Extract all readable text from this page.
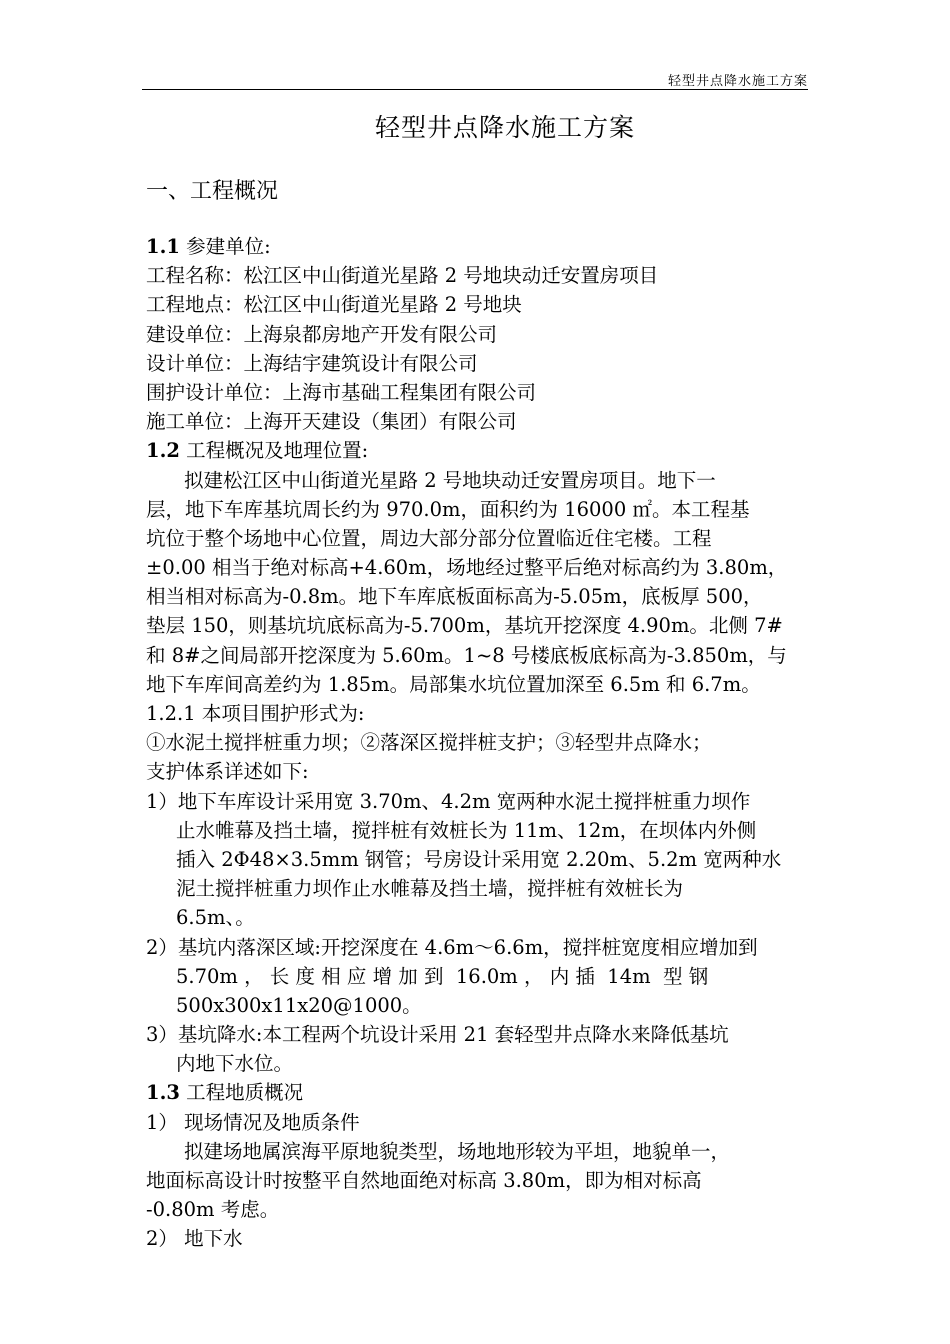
轻型井点降水施工方案
轻型井点降水施工方案
一、工程概况
1.1 参建单位:
工程名称：松江区中山街道光星路 2 号地块动迁安置房项目
工程地点：松江区中山街道光星路 2 号地块
建设单位：上海泉都房地产开发有限公司
设计单位：上海结宇建筑设计有限公司
围护设计单位：上海市基础工程集团有限公司
施工单位：上海开天建设（集团）有限公司
1.2 工程概况及地理位置:
拟建松江区中山街道光星路 2 号地块动迁安置房项目。地下一
层，地下车库基坑周长约为 970.0m，面积约为 16000 ㎡。本工程基
坑位于整个场地中心位置，周边大部分部分位置临近住宅楼。工程
±0.00 相当于绝对标高+4.60m，场地经过整平后绝对标高约为 3.80m，
相当相对标高为-0.8m。地下车库底板面标高为-5.05m，底板厚 500，
垫层 150，则基坑坑底标高为-5.700m，基坑开挖深度 4.90m。北侧 7#
和 8#之间局部开挖深度为 5.60m。1~8 号楼底板底标高为-3.850m，与
地下车库间高差约为 1.85m。局部集水坑位置加深至 6.5m 和 6.7m。
1.2.1 本项目围护形式为:
①水泥土搅拌桩重力坝；②落深区搅拌桩支护；③轻型井点降水；
支护体系详述如下:
1）地下车库设计采用宽 3.70m、4.2m 宽两种水泥土搅拌桩重力坝作
止水帷幕及挡土墙，搅拌桩有效桩长为 11m、12m，在坝体内外侧
插入 2Φ48×3.5mm 钢管；号房设计采用宽 2.20m、5.2m 宽两种水
泥土搅拌桩重力坝作止水帷幕及挡土墙，搅拌桩有效桩长为
6.5m、。
2）基坑内落深区域:开挖深度在 4.6m～6.6m，搅拌桩宽度相应增加到
5.70m ， 长 度 相 应 增 加 到  16.0m ， 内 插  14m  型 钢
500x300x11x20@1000。
3）基坑降水:本工程两个坑设计采用 21 套轻型井点降水来降低基坑
内地下水位。
1.3 工程地质概况
1） 现场情况及地质条件
拟建场地属滨海平原地貌类型，场地地形较为平坦，地貌单一，
地面标高设计时按整平自然地面绝对标高 3.80m，即为相对标高
-0.80m 考虑。
2） 地下水
